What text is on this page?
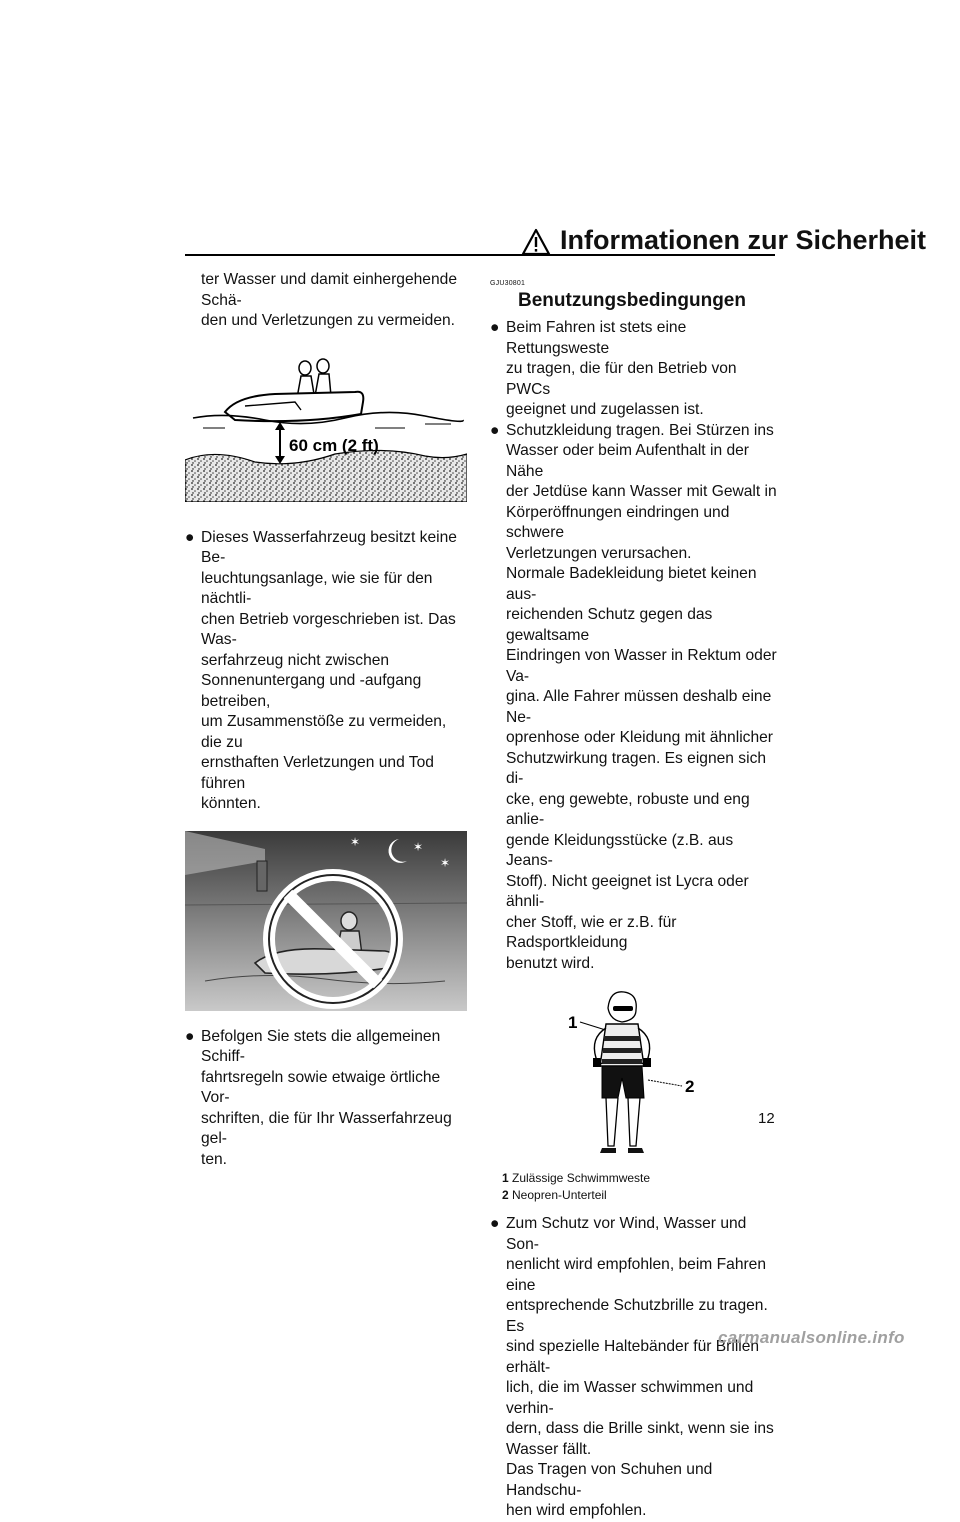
Informationen zur Sicherheit

ter Wasser und damit einhergehende Schä-

den und Verletzungen zu vermeiden.

60 cm (2 ft)
● Dieses Wasserfahrzeug besitzt keine Be-

leuchtungsanlage, wie sie für den nächtli-

chen Betrieb vorgeschrieben ist. Das Was-

serfahrzeug nicht zwischen

Sonnenuntergang und -aufgang betreiben,

um Zusammenstöße zu vermeiden, die zu

ernsthaften Verletzungen und Tod führen

könnten.

✶	✶
✶
● Befolgen Sie stets die allgemeinen Schiff-

fahrtsregeln sowie etwaige örtliche Vor-

schriften, die für Ihr Wasserfahrzeug gel-

ten.

GJU30801
Benutzungsbedingungen
● Beim Fahren ist stets eine Rettungsweste

zu tragen, die für den Betrieb von PWCs

geeignet und zugelassen ist.

● Schutzkleidung tragen. Bei Stürzen ins

Wasser oder beim Aufenthalt in der Nähe

der Jetdüse kann Wasser mit Gewalt in

Körperöffnungen eindringen und schwere

Verletzungen verursachen.

Normale Badekleidung bietet keinen aus-

reichenden Schutz gegen das gewaltsame

Eindringen von Wasser in Rektum oder Va-

gina. Alle Fahrer müssen deshalb eine Ne-

oprenhose oder Kleidung mit ähnlicher

Schutzwirkung tragen. Es eignen sich di-

cke, eng gewebte, robuste und eng anlie-

gende Kleidungsstücke (z.B. aus Jeans-

Stoff). Nicht geeignet ist Lycra oder ähnli-

cher Stoff, wie er z.B. für Radsportkleidung

benutzt wird.

1
2
1 Zulässige Schwimmweste
2 Neopren-Unterteil
● Zum Schutz vor Wind, Wasser und Son-

nenlicht wird empfohlen, beim Fahren eine

entsprechende Schutzbrille zu tragen. Es

sind spezielle Haltebänder für Brillen erhält-

lich, die im Wasser schwimmen und verhin-

dern, dass die Brille sinkt, wenn sie ins

Wasser fällt.

Das Tragen von Schuhen und Handschu-

hen wird empfohlen.

12
carmanualsonline.info
